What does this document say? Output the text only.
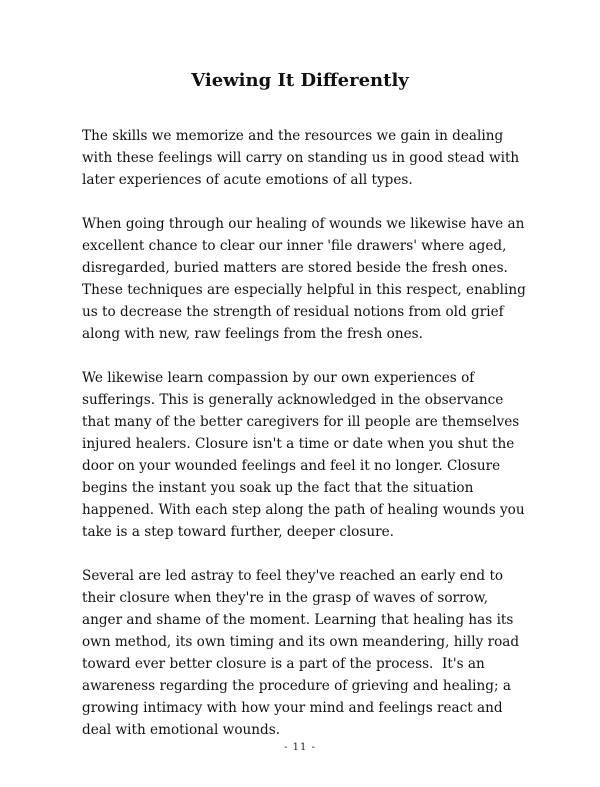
Viewing It Differently

The skills we memorize and the resources we gain in dealing with these feelings will carry on standing us in good stead with later experiences of acute emotions of all types.

When going through our healing of wounds we likewise have an excellent chance to clear our inner 'file drawers' where aged, disregarded, buried matters are stored beside the fresh ones. These techniques are especially helpful in this respect, enabling us to decrease the strength of residual notions from old grief along with new, raw feelings from the fresh ones.

We likewise learn compassion by our own experiences of sufferings. This is generally acknowledged in the observance that many of the better caregivers for ill people are themselves injured healers. Closure isn't a time or date when you shut the door on your wounded feelings and feel it no longer. Closure begins the instant you soak up the fact that the situation happened. With each step along the path of healing wounds you take is a step toward further, deeper closure.

Several are led astray to feel they've reached an early end to their closure when they're in the grasp of waves of sorrow, anger and shame of the moment. Learning that healing has its own method, its own timing and its own meandering, hilly road toward ever better closure is a part of the process.  It's an awareness regarding the procedure of grieving and healing; a growing intimacy with how your mind and feelings react and deal with emotional wounds.

- 11 -
